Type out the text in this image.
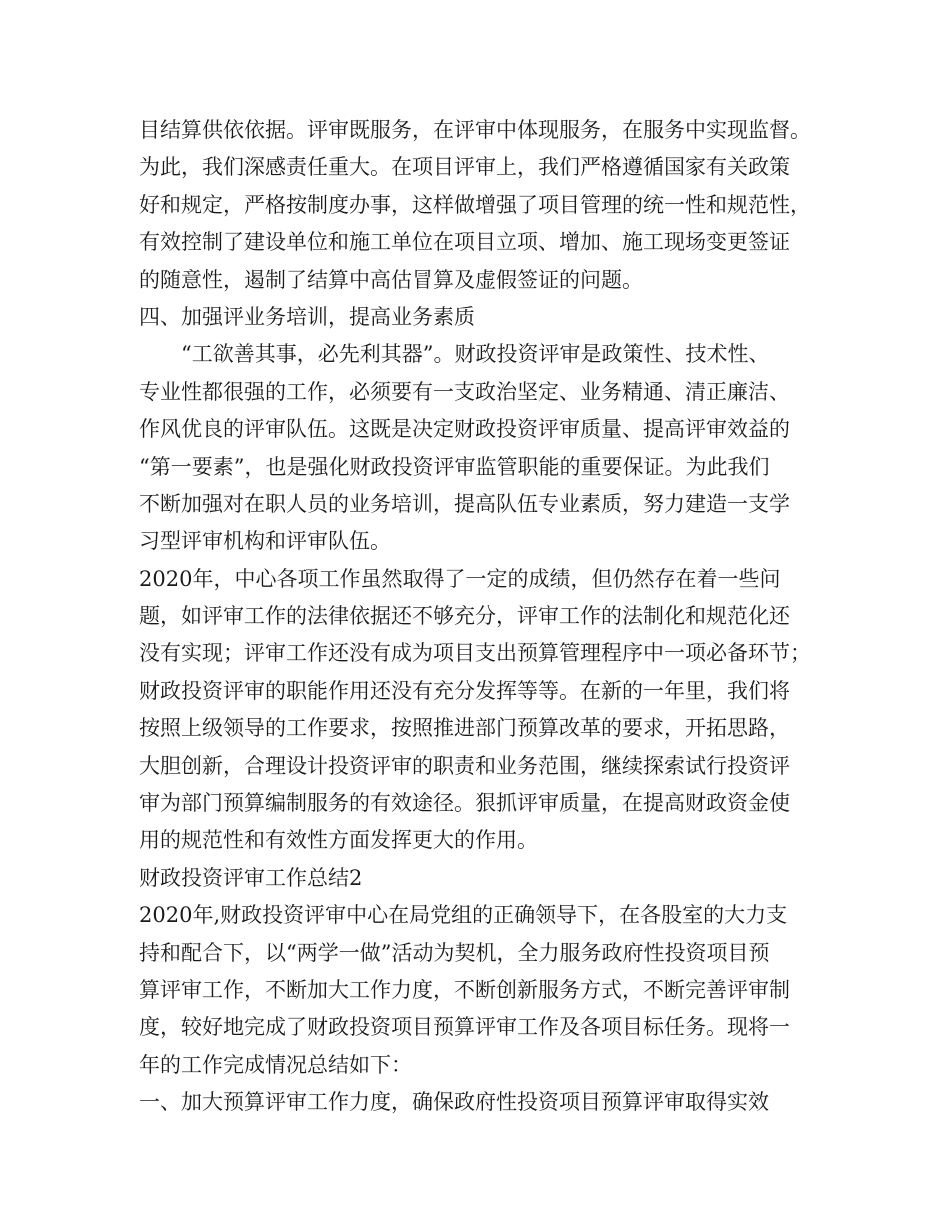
目结算供依依据。评审既服务，在评审中体现服务，在服务中实现监督。
为此，我们深感责任重大。在项目评审上，我们严格遵循国家有关政策
好和规定，严格按制度办事，这样做增强了项目管理的统一性和规范性，
有效控制了建设单位和施工单位在项目立项、增加、施工现场变更签证
的随意性，遏制了结算中高估冒算及虚假签证的问题。
四、加强评业务培训，提高业务素质
“工欲善其事，必先利其器”。财政投资评审是政策性、技术性、
专业性都很强的工作，必须要有一支政治坚定、业务精通、清正廉洁、
作风优良的评审队伍。这既是决定财政投资评审质量、提高评审效益的
“第一要素”，也是强化财政投资评审监管职能的重要保证。为此我们
不断加强对在职人员的业务培训，提高队伍专业素质，努力建造一支学
习型评审机构和评审队伍。
2020年，中心各项工作虽然取得了一定的成绩，但仍然存在着一些问
题，如评审工作的法律依据还不够充分，评审工作的法制化和规范化还
没有实现；评审工作还没有成为项目支出预算管理程序中一项必备环节；
财政投资评审的职能作用还没有充分发挥等等。在新的一年里，我们将
按照上级领导的工作要求，按照推进部门预算改革的要求，开拓思路，
大胆创新，合理设计投资评审的职责和业务范围，继续探索试行投资评
审为部门预算编制服务的有效途径。狠抓评审质量，在提高财政资金使
用的规范性和有效性方面发挥更大的作用。
财政投资评审工作总结2
2020年,财政投资评审中心在局党组的正确领导下，在各股室的大力支
持和配合下，以“两学一做”活动为契机，全力服务政府性投资项目预
算评审工作，不断加大工作力度，不断创新服务方式，不断完善评审制
度，较好地完成了财政投资项目预算评审工作及各项目标任务。现将一
年的工作完成情况总结如下：
一、加大预算评审工作力度，确保政府性投资项目预算评审取得实效
